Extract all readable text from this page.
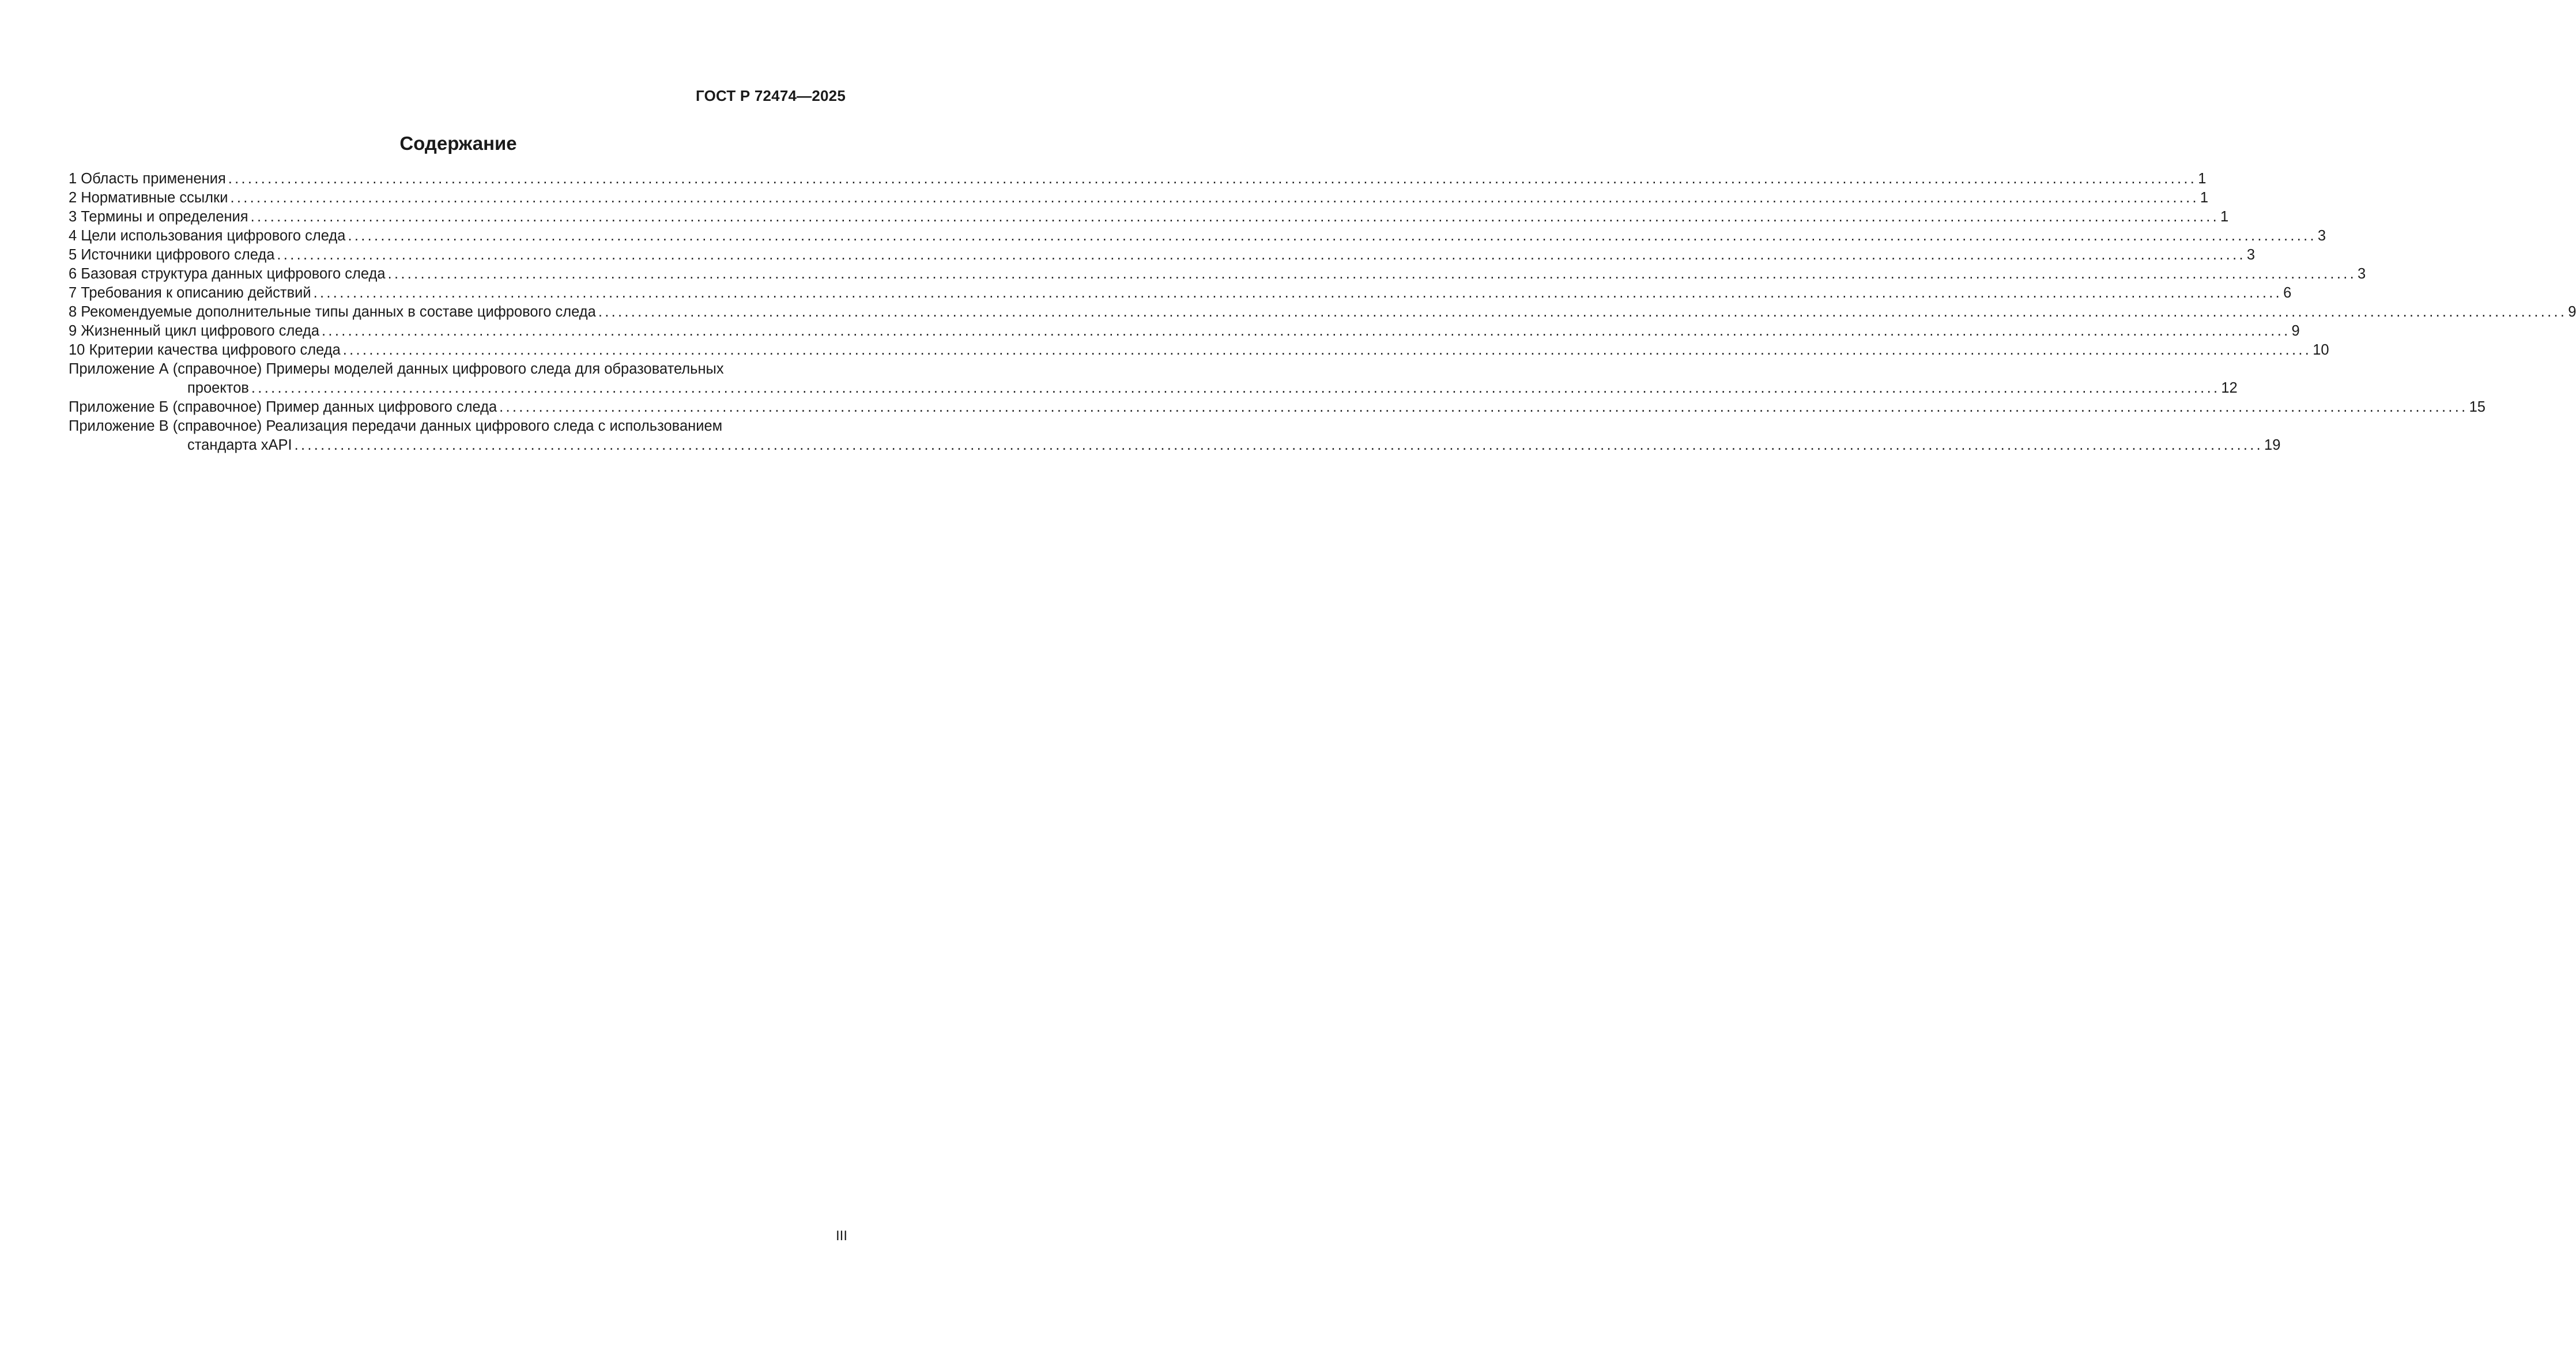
ГОСТ Р 72474—2025
Содержание
1 Область применения ............................................................................................................................................................................................................................................................................................................ 1
2 Нормативные ссылки ............................................................................................................................................................................................................................................................................................................ 1
3 Термины и определения ............................................................................................................................................................................................................................................................................................................ 1
4 Цели использования цифрового следа ............................................................................................................................................................................................................................................................................................................ 3
5 Источники цифрового следа ............................................................................................................................................................................................................................................................................................................ 3
6 Базовая структура данных цифрового следа ............................................................................................................................................................................................................................................................................................................ 3
7 Требования к описанию действий ............................................................................................................................................................................................................................................................................................................ 6
8 Рекомендуемые дополнительные типы данных в составе цифрового следа ............................................................................................................................................................................................................................................................................................................ 9
9 Жизненный цикл цифрового следа ............................................................................................................................................................................................................................................................................................................ 9
10 Критерии качества цифрового следа ............................................................................................................................................................................................................................................................................................................ 10
Приложение А (справочное) Примеры моделей данных цифрового следа для образовательных
проектов ............................................................................................................................................................................................................................................................................................................ 12
Приложение Б (справочное) Пример данных цифрового следа ............................................................................................................................................................................................................................................................................................................ 15
Приложение В (справочное) Реализация передачи данных цифрового следа с использованием
стандарта xAPI ............................................................................................................................................................................................................................................................................................................ 19
III
